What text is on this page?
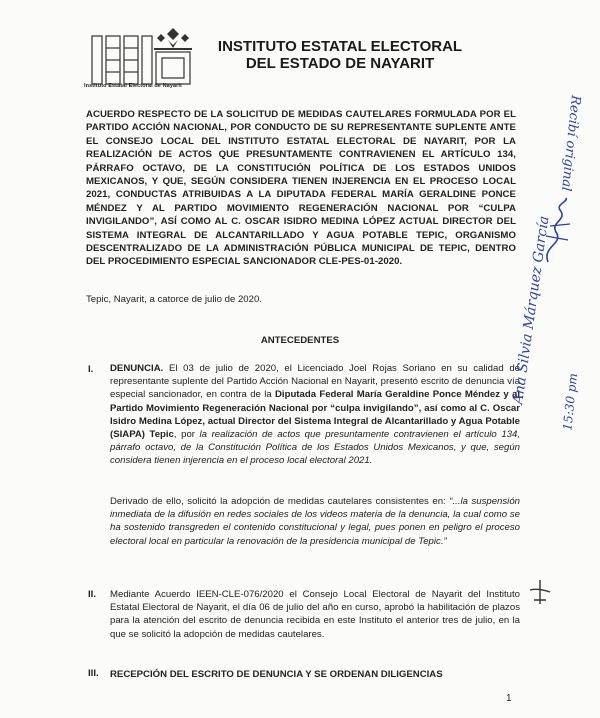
Instituto Estatal Electoral de Nayarit
INSTITUTO ESTATAL ELECTORAL
DEL ESTADO DE NAYARIT
ACUERDO RESPECTO DE LA SOLICITUD DE MEDIDAS CAUTELARES FORMULADA POR EL PARTIDO ACCIÓN NACIONAL, POR CONDUCTO DE SU REPRESENTANTE SUPLENTE ANTE EL CONSEJO LOCAL DEL INSTITUTO ESTATAL ELECTORAL DE NAYARIT, POR LA REALIZACIÓN DE ACTOS QUE PRESUNTAMENTE CONTRAVIENEN EL ARTÍCULO 134, PÁRRAFO OCTAVO, DE LA CONSTITUCIÓN POLÍTICA DE LOS ESTADOS UNIDOS MEXICANOS, Y QUE, SEGÚN CONSIDERA TIENEN INJERENCIA EN EL PROCESO LOCAL 2021, CONDUCTAS ATRIBUIDAS A LA DIPUTADA FEDERAL MARÍA GERALDINE PONCE MÉNDEZ Y AL PARTIDO MOVIMIENTO REGENERACIÓN NACIONAL POR “CULPA INVIGILANDO”, ASÍ COMO AL C. OSCAR ISIDRO MEDINA LÓPEZ ACTUAL DIRECTOR DEL SISTEMA INTEGRAL DE ALCANTARILLADO Y AGUA POTABLE TEPIC, ORGANISMO DESCENTRALIZADO DE LA ADMINISTRACIÓN PÚBLICA MUNICIPAL DE TEPIC, DENTRO DEL PROCEDIMIENTO ESPECIAL SANCIONADOR CLE-PES-01-2020.
Tepic, Nayarit, a catorce de julio de 2020.
ANTECEDENTES
I. DENUNCIA. El 03 de julio de 2020, el Licenciado Joel Rojas Soriano en su calidad de representante suplente del Partido Acción Nacional en Nayarit, presentó escrito de denuncia vía especial sancionador, en contra de la Diputada Federal María Geraldine Ponce Méndez y al Partido Movimiento Regeneración Nacional por “culpa invigilando”, así como al C. Oscar Isidro Medina López, actual Director del Sistema Integral de Alcantarillado y Agua Potable (SIAPA) Tepic, por la realización de actos que presuntamente contravienen el artículo 134, párrafo octavo, de la Constitución Política de los Estados Unidos Mexicanos, y que, según considera tienen injerencia en el proceso local electoral 2021.
Derivado de ello, solicitó la adopción de medidas cautelares consistentes en: “...la suspensión inmediata de la difusión en redes sociales de los videos materia de la denuncia, la cual como se ha sostenido transgreden el contenido constitucional y legal, pues ponen en peligro el proceso electoral local en particular la renovación de la presidencia municipal de Tepic.”
II. Mediante Acuerdo IEEN-CLE-076/2020 el Consejo Local Electoral de Nayarit del Instituto Estatal Electoral de Nayarit, el día 06 de julio del año en curso, aprobó la habilitación de plazos para la atención del escrito de denuncia recibida en este Instituto el anterior tres de julio, en la que se solicitó la adopción de medidas cautelares.
III. RECEPCIÓN DEL ESCRITO DE DENUNCIA Y SE ORDENAN DILIGENCIAS
1
Recibí original
Ana Silvia Márquez García 15:30 pm
